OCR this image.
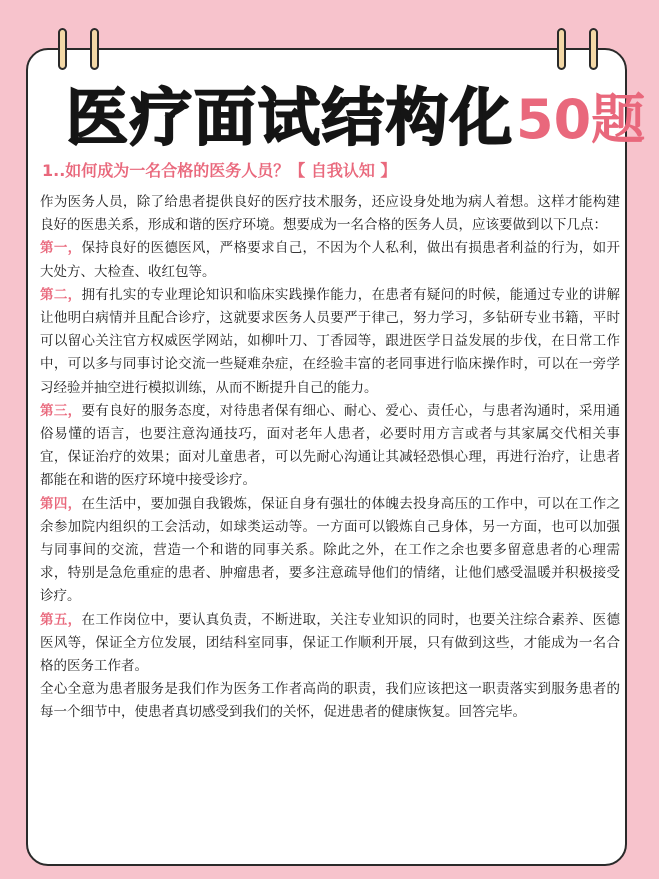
医疗面试结构化 50题
1..如何成为一名合格的医务人员？【 自我认知 】

作为医务人员，除了给患者提供良好的医疗技术服务，还应设身处地为病人着想。这样才能构建良好的医患关系，形成和谐的医疗环境。想要成为一名合格的医务人员，应该要做到以下几点：

第一，保持良好的医德医风，严格要求自己，不因为个人私利，做出有损患者利益的行为，如开大处方、大检查、收红包等。

第二，拥有扎实的专业理论知识和临床实践操作能力，在患者有疑问的时候，能通过专业的讲解让他明白病情并且配合诊疗，这就要求医务人员要严于律己，努力学习，多钻研专业书籍，平时可以留心关注官方权威医学网站，如柳叶刀、丁香园等，跟进医学日益发展的步伐，在日常工作中，可以多与同事讨论交流一些疑难杂症，在经验丰富的老同事进行临床操作时，可以在一旁学习经验并抽空进行模拟训练，从而不断提升自己的能力。

第三，要有良好的服务态度，对待患者保有细心、耐心、爱心、责任心，与患者沟通时，采用通俗易懂的语言，也要注意沟通技巧，面对老年人患者，必要时用方言或者与其家属交代相关事宜，保证治疗的效果；面对儿童患者，可以先耐心沟通让其减轻恐惧心理，再进行治疗，让患者都能在和谐的医疗环境中接受诊疗。

第四，在生活中，要加强自我锻炼，保证自身有强壮的体魄去投身高压的工作中，可以在工作之余参加院内组织的工会活动，如球类运动等。一方面可以锻炼自己身体，另一方面，也可以加强与同事间的交流，营造一个和谐的同事关系。除此之外，在工作之余也要多留意患者的心理需求，特别是急危重症的患者、肿瘤患者，要多注意疏导他们的情绪，让他们感受温暖并积极接受诊疗。

第五，在工作岗位中，要认真负责，不断进取，关注专业知识的同时，也要关注综合素养、医德医风等，保证全方位发展，团结科室同事，保证工作顺利开展，只有做到这些，才能成为一名合格的医务工作者。

全心全意为患者服务是我们作为医务工作者高尚的职责，我们应该把这一职责落实到服务患者的每一个细节中，使患者真切感受到我们的关怀，促进患者的健康恢复。回答完毕。
